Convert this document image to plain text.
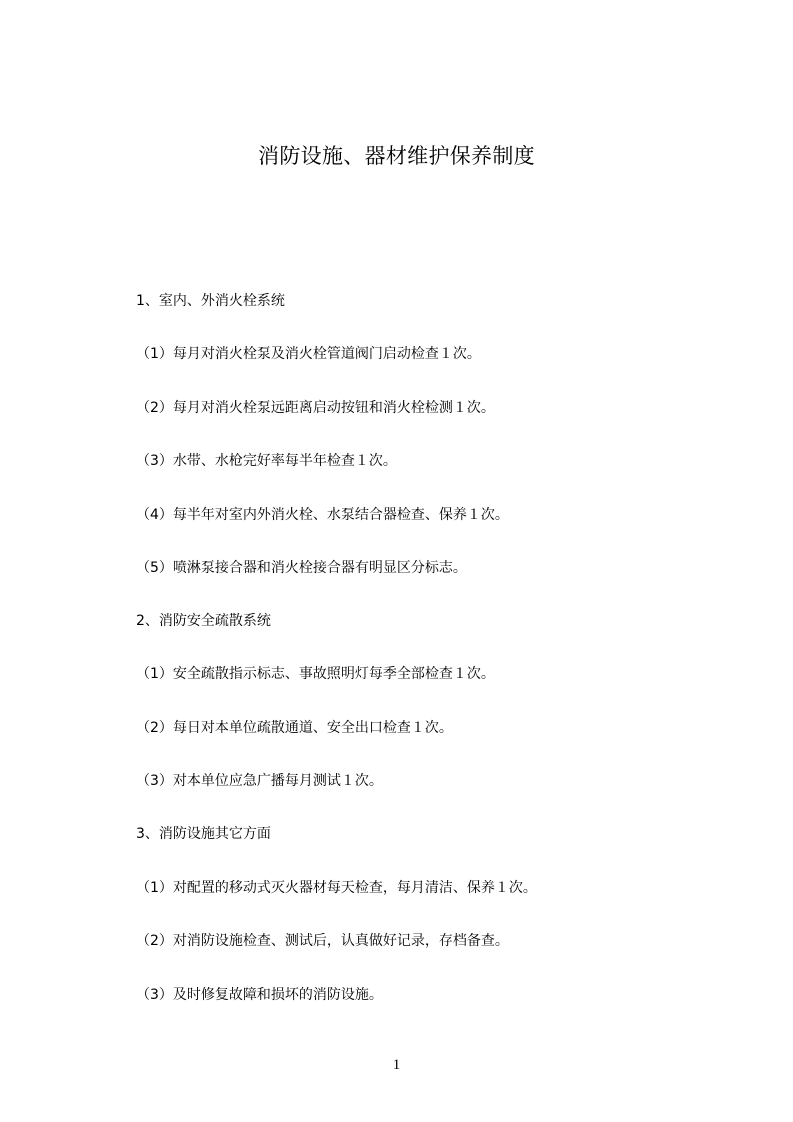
消防设施、器材维护保养制度
1、室内、外消火栓系统
（1）每月对消火栓泵及消火栓管道阀门启动检查１次。
（2）每月对消火栓泵远距离启动按钮和消火栓检测１次。
（3）水带、水枪完好率每半年检查１次。
（4）每半年对室内外消火栓、水泵结合器检查、保养１次。
（5）喷淋泵接合器和消火栓接合器有明显区分标志。
2、消防安全疏散系统
（1）安全疏散指示标志、事故照明灯每季全部检查１次。
（2）每日对本单位疏散通道、安全出口检查１次。
（3）对本单位应急广播每月测试１次。
3、消防设施其它方面
（1）对配置的移动式灭火器材每天检查，每月清洁、保养１次。
（2）对消防设施检查、测试后，认真做好记录，存档备查。
（3）及时修复故障和损坏的消防设施。
1
